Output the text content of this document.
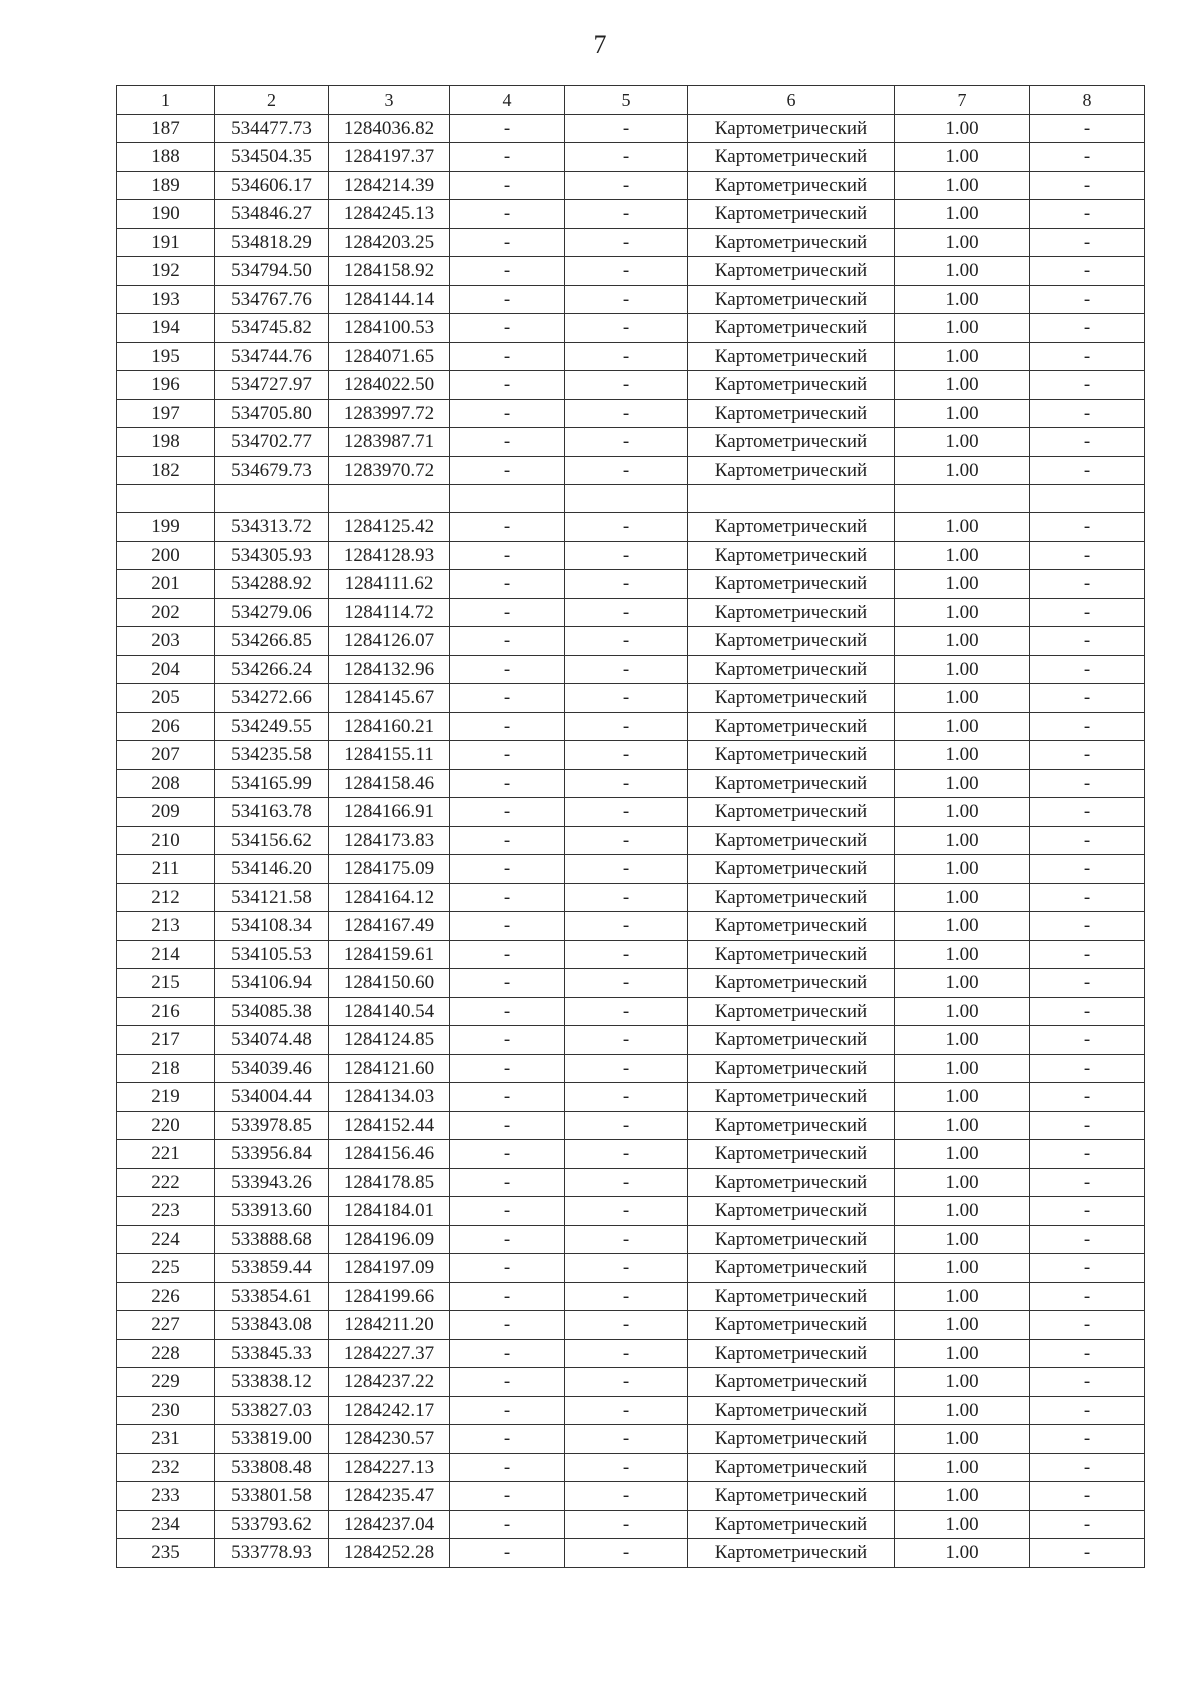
7
1	2	3	4	5	6	7	8
187	534477.73	1284036.82	-	-	Картометрический	1.00	-
188	534504.35	1284197.37	-	-	Картометрический	1.00	-
189	534606.17	1284214.39	-	-	Картометрический	1.00	-
190	534846.27	1284245.13	-	-	Картометрический	1.00	-
191	534818.29	1284203.25	-	-	Картометрический	1.00	-
192	534794.50	1284158.92	-	-	Картометрический	1.00	-
193	534767.76	1284144.14	-	-	Картометрический	1.00	-
194	534745.82	1284100.53	-	-	Картометрический	1.00	-
195	534744.76	1284071.65	-	-	Картометрический	1.00	-
196	534727.97	1284022.50	-	-	Картометрический	1.00	-
197	534705.80	1283997.72	-	-	Картометрический	1.00	-
198	534702.77	1283987.71	-	-	Картометрический	1.00	-
182	534679.73	1283970.72	-	-	Картометрический	1.00	-

199	534313.72	1284125.42	-	-	Картометрический	1.00	-
200	534305.93	1284128.93	-	-	Картометрический	1.00	-
201	534288.92	1284111.62	-	-	Картометрический	1.00	-
202	534279.06	1284114.72	-	-	Картометрический	1.00	-
203	534266.85	1284126.07	-	-	Картометрический	1.00	-
204	534266.24	1284132.96	-	-	Картометрический	1.00	-
205	534272.66	1284145.67	-	-	Картометрический	1.00	-
206	534249.55	1284160.21	-	-	Картометрический	1.00	-
207	534235.58	1284155.11	-	-	Картометрический	1.00	-
208	534165.99	1284158.46	-	-	Картометрический	1.00	-
209	534163.78	1284166.91	-	-	Картометрический	1.00	-
210	534156.62	1284173.83	-	-	Картометрический	1.00	-
211	534146.20	1284175.09	-	-	Картометрический	1.00	-
212	534121.58	1284164.12	-	-	Картометрический	1.00	-
213	534108.34	1284167.49	-	-	Картометрический	1.00	-
214	534105.53	1284159.61	-	-	Картометрический	1.00	-
215	534106.94	1284150.60	-	-	Картометрический	1.00	-
216	534085.38	1284140.54	-	-	Картометрический	1.00	-
217	534074.48	1284124.85	-	-	Картометрический	1.00	-
218	534039.46	1284121.60	-	-	Картометрический	1.00	-
219	534004.44	1284134.03	-	-	Картометрический	1.00	-
220	533978.85	1284152.44	-	-	Картометрический	1.00	-
221	533956.84	1284156.46	-	-	Картометрический	1.00	-
222	533943.26	1284178.85	-	-	Картометрический	1.00	-
223	533913.60	1284184.01	-	-	Картометрический	1.00	-
224	533888.68	1284196.09	-	-	Картометрический	1.00	-
225	533859.44	1284197.09	-	-	Картометрический	1.00	-
226	533854.61	1284199.66	-	-	Картометрический	1.00	-
227	533843.08	1284211.20	-	-	Картометрический	1.00	-
228	533845.33	1284227.37	-	-	Картометрический	1.00	-
229	533838.12	1284237.22	-	-	Картометрический	1.00	-
230	533827.03	1284242.17	-	-	Картометрический	1.00	-
231	533819.00	1284230.57	-	-	Картометрический	1.00	-
232	533808.48	1284227.13	-	-	Картометрический	1.00	-
233	533801.58	1284235.47	-	-	Картометрический	1.00	-
234	533793.62	1284237.04	-	-	Картометрический	1.00	-
235	533778.93	1284252.28	-	-	Картометрический	1.00	-
